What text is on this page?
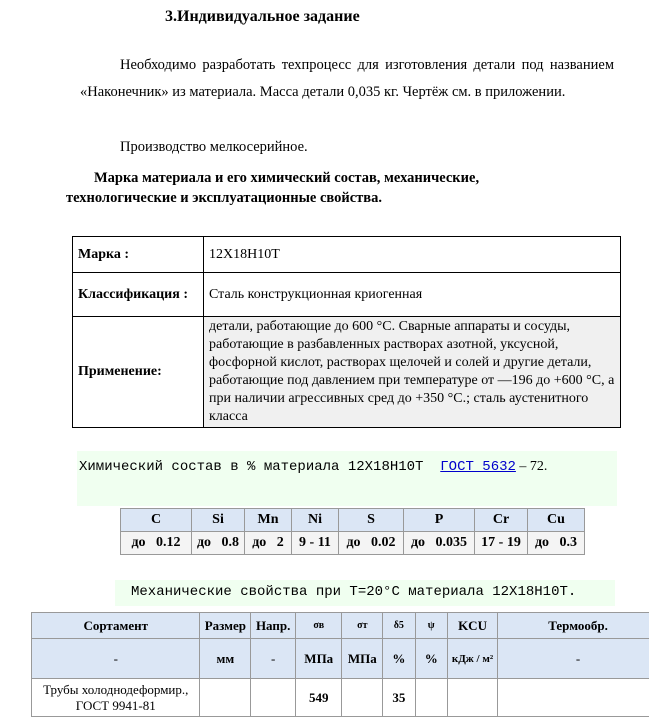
3.Индивидуальное задание
Необходимо разработать техпроцесс для изготовления детали под названием «Наконечник» из материала. Масса детали 0,035 кг. Чертёж см. в приложении.
Производство мелкосерийное.
Марка материала и его химический состав, механические,
технологические и эксплуатационные свойства.
Марка :	12Х18Н10Т
Классификация :	Сталь конструкционная криогенная
Применение:	детали, работающие до 600 °С. Сварные аппараты и сосуды, работающие в разбавленных растворах азотной, уксусной, фосфорной кислот, растворах щелочей и солей и другие детали, работающие под давлением при температуре от —196 до +600 °С, а при наличии агрессивных сред до +350 °С.; сталь аустенитного класса
Химический состав в % материала 12Х18Н10Т ГОСТ 5632 – 72.
C	Si	Mn	Ni	S	P	Cr	Cu
до   0.12	до   0.8	до   2	9 - 11	до   0.02	до   0.035	17 - 19	до   0.3
Механические свойства при Т=20°С материала 12Х18Н10Т.
Сортамент	Размер	Напр.	σв	σт	δ5	ψ	KCU	Термообр.
-	мм	-	МПа	МПа	%	%	кДж / м²	-
Трубы холоднодеформир., ГОСТ 9941-81			549		35			
